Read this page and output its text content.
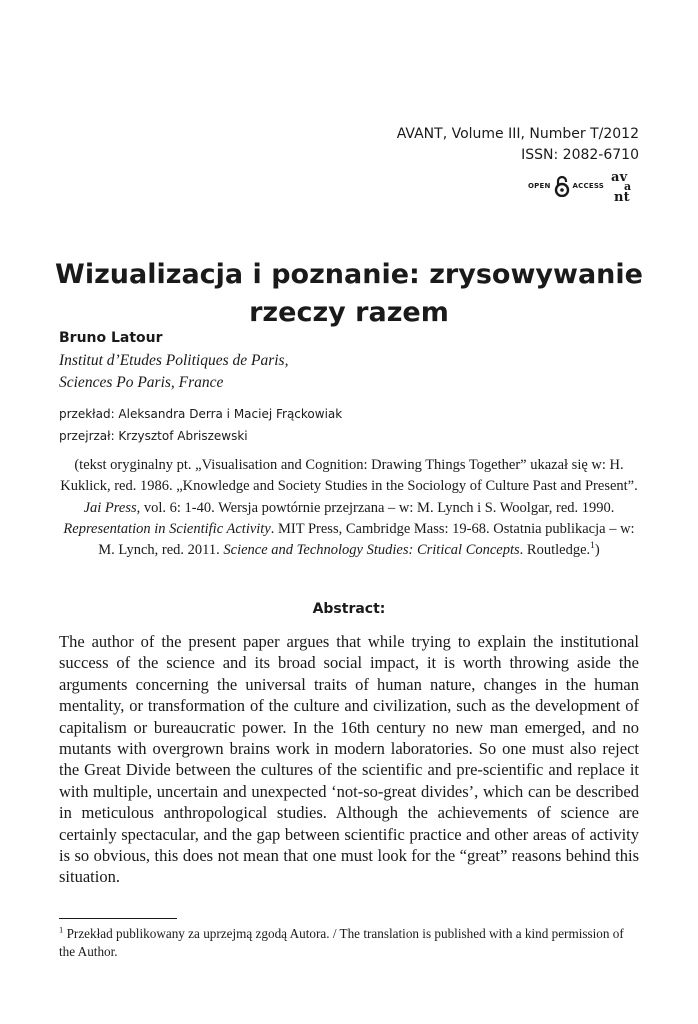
AVANT, Volume III, Number T/2012
ISSN: 2082-6710
OPEN	ACCESS
av
a
nt
Wizualizacja i poznanie: zrysowywanie
rzeczy razem
Bruno Latour
Institut d’Etudes Politiques de Paris,
Sciences Po Paris, France
przekład: Aleksandra Derra i Maciej Frąckowiak
przejrzał: Krzysztof Abriszewski
(tekst oryginalny pt. „Visualisation and Cognition: Drawing Things Together” ukazał się w: H. Kuklick, red. 1986. „Knowledge and Society Studies in the Sociology of Culture Past and Present”. Jai Press, vol. 6: 1-40. Wersja powtórnie przejrzana – w: M. Lynch i S. Woolgar, red. 1990. Representation in Scientific Activity. MIT Press, Cambridge Mass: 19-68. Ostatnia publikacja – w: M. Lynch, red. 2011. Science and Technology Studies: Critical Concepts. Routledge.$^1$)
Abstract:
The author of the present paper argues that while trying to explain the institutional success of the science and its broad social impact, it is worth throwing aside the arguments concerning the universal traits of human nature, changes in the human mentality, or transformation of the culture and civilization, such as the development of capitalism or bureaucratic power. In the 16th century no new man emerged, and no mutants with overgrown brains work in modern laboratories. So one must also reject the Great Divide between the cultures of the scientific and pre-scientific and replace it with multiple, uncertain and unexpected ‘not-so-great divides’, which can be described in meticulous anthropological studies. Although the achievements of science are certainly spectacular, and the gap between scientific practice and other areas of activity is so obvious, this does not mean that one must look for the “great” reasons behind this situation.
$^1$ Przekład publikowany za uprzejmą zgodą Autora. / The translation is published with a kind permission of the Author.
